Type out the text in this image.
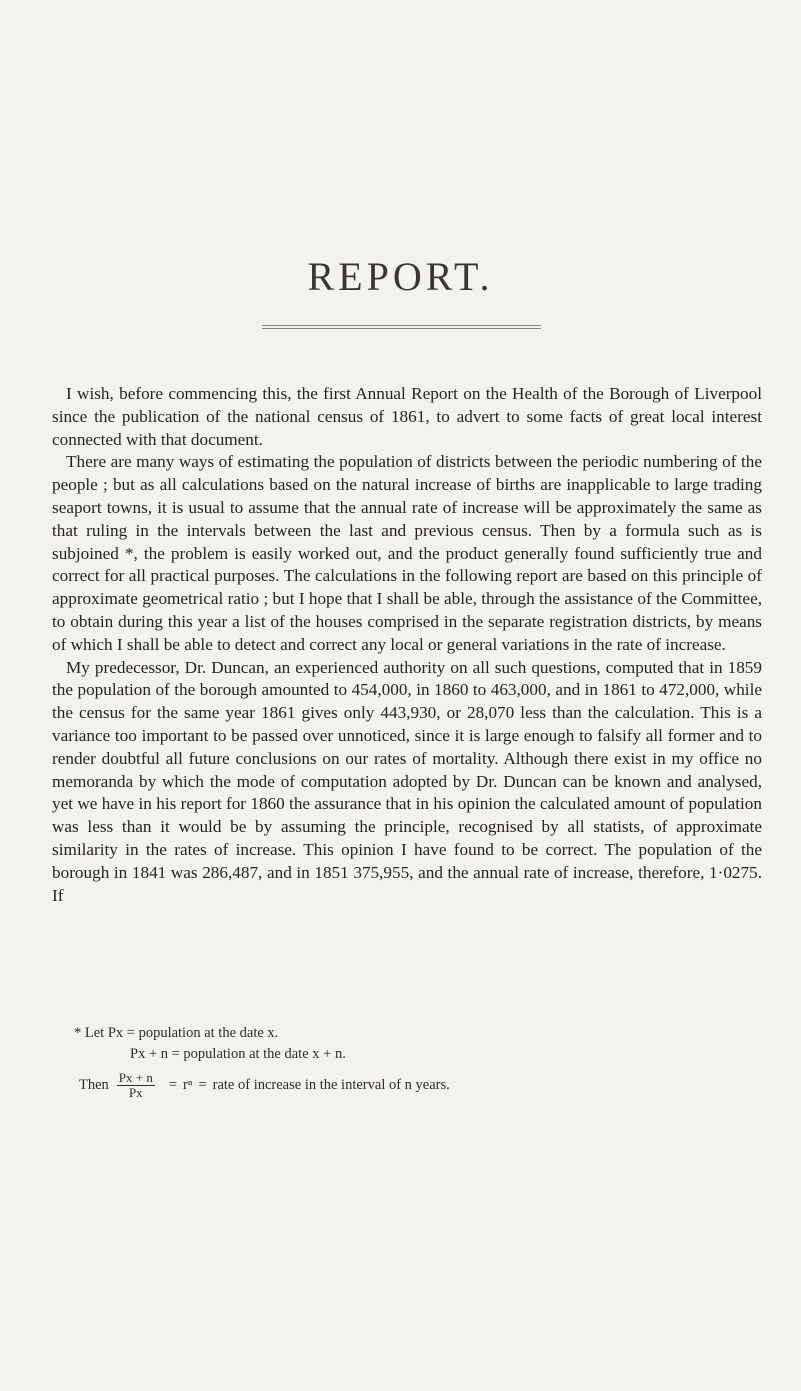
REPORT.

I wish, before commencing this, the first Annual Report on the Health of the Borough of Liverpool since the publication of the national census of 1861, to advert to some facts of great local interest connected with that document.

There are many ways of estimating the population of districts between the periodic numbering of the people ; but as all calculations based on the natural increase of births are inapplicable to large trading seaport towns, it is usual to assume that the annual rate of increase will be approximately the same as that ruling in the intervals between the last and previous census. Then by a formula such as is subjoined *, the problem is easily worked out, and the product generally found sufficiently true and correct for all practical purposes. The calculations in the following report are based on this principle of approximate geometrical ratio ; but I hope that I shall be able, through the assistance of the Committee, to obtain during this year a list of the houses comprised in the separate registration districts, by means of which I shall be able to detect and correct any local or general variations in the rate of increase.

My predecessor, Dr. Duncan, an experienced authority on all such questions, computed that in 1859 the population of the borough amounted to 454,000, in 1860 to 463,000, and in 1861 to 472,000, while the census for the same year 1861 gives only 443,930, or 28,070 less than the calculation. This is a variance too important to be passed over unnoticed, since it is large enough to falsify all former and to render doubtful all future conclusions on our rates of mortality. Although there exist in my office no memoranda by which the mode of computation adopted by Dr. Duncan can be known and analysed, yet we have in his report for 1860 the assurance that in his opinion the calculated amount of population was less than it would be by assuming the principle, recognised by all statists, of approximate similarity in the rates of increase. This opinion I have found to be correct. The population of the borough in 1841 was 286,487, and in 1851 375,955, and the annual rate of increase, therefore, 1·0275. If

* Let Px = population at the date x.
Px + n = population at the date x + n.
Then $\frac{Px + n}{Px} = r^n$ = rate of increase in the interval of n years.
